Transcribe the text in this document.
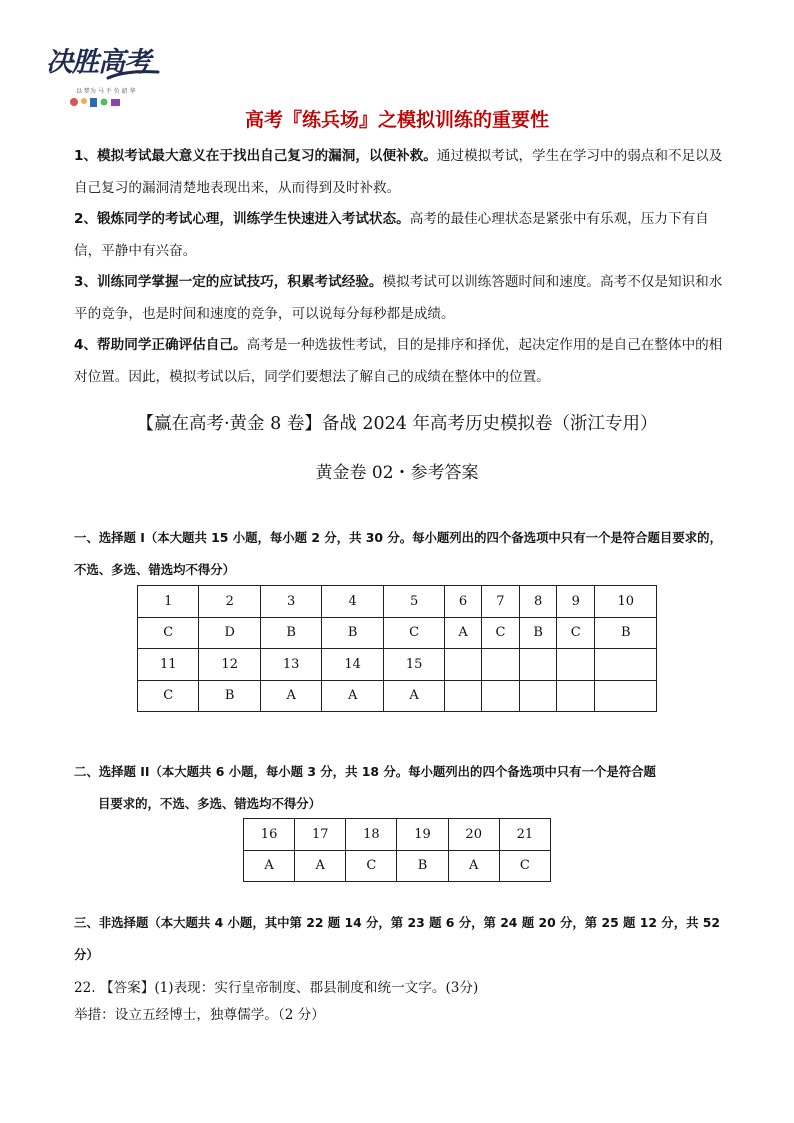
决胜高考
以 梦为 马 不 负 韶 华
高考『练兵场』之模拟训练的重要性

1、模拟考试最大意义在于找出自己复习的漏洞，以便补救。通过模拟考试，学生在学习中的弱点和不足以及自己复习的漏洞清楚地表现出来，从而得到及时补救。

2、锻炼同学的考试心理，训练学生快速进入考试状态。高考的最佳心理状态是紧张中有乐观，压力下有自信，平静中有兴奋。

3、训练同学掌握一定的应试技巧，积累考试经验。模拟考试可以训练答题时间和速度。高考不仅是知识和水平的竞争，也是时间和速度的竞争，可以说每分每秒都是成绩。

4、帮助同学正确评估自己。高考是一种选拔性考试，目的是排序和择优，起决定作用的是自己在整体中的相对位置。因此，模拟考试以后，同学们要想法了解自己的成绩在整体中的位置。

【赢在高考·黄金 8 卷】备战 2024 年高考历史模拟卷（浙江专用）
黄金卷 02・参考答案

一、选择题 I（本大题共 15 小题，每小题 2 分，共 30 分。每小题列出的四个备选项中只有一个是符合题目要求的，不选、多选、错选均不得分）

1	2	3	4	5	6	7	8	9	10
C	D	B	B	C	A	C	B	C	B
11	12	13	14	15					
C	B	A	A	A					
二、选择题 II（本大题共 6 小题，每小题 3 分，共 18 分。每小题列出的四个备选项中只有一个是符合题
目要求的，不选、多选、错选均不得分）
16	17	18	19	20	21
A	A	C	B	A	C

三、非选择题（本大题共 4 小题，其中第 22 题 14 分，第 23 题 6 分，第 24 题 20 分，第 25 题 12 分，共 52 分）

22. 【答案】(1)表现：实行皇帝制度、郡县制度和统一文字。(3分)

举措：设立五经博士，独尊儒学。（2 分）
